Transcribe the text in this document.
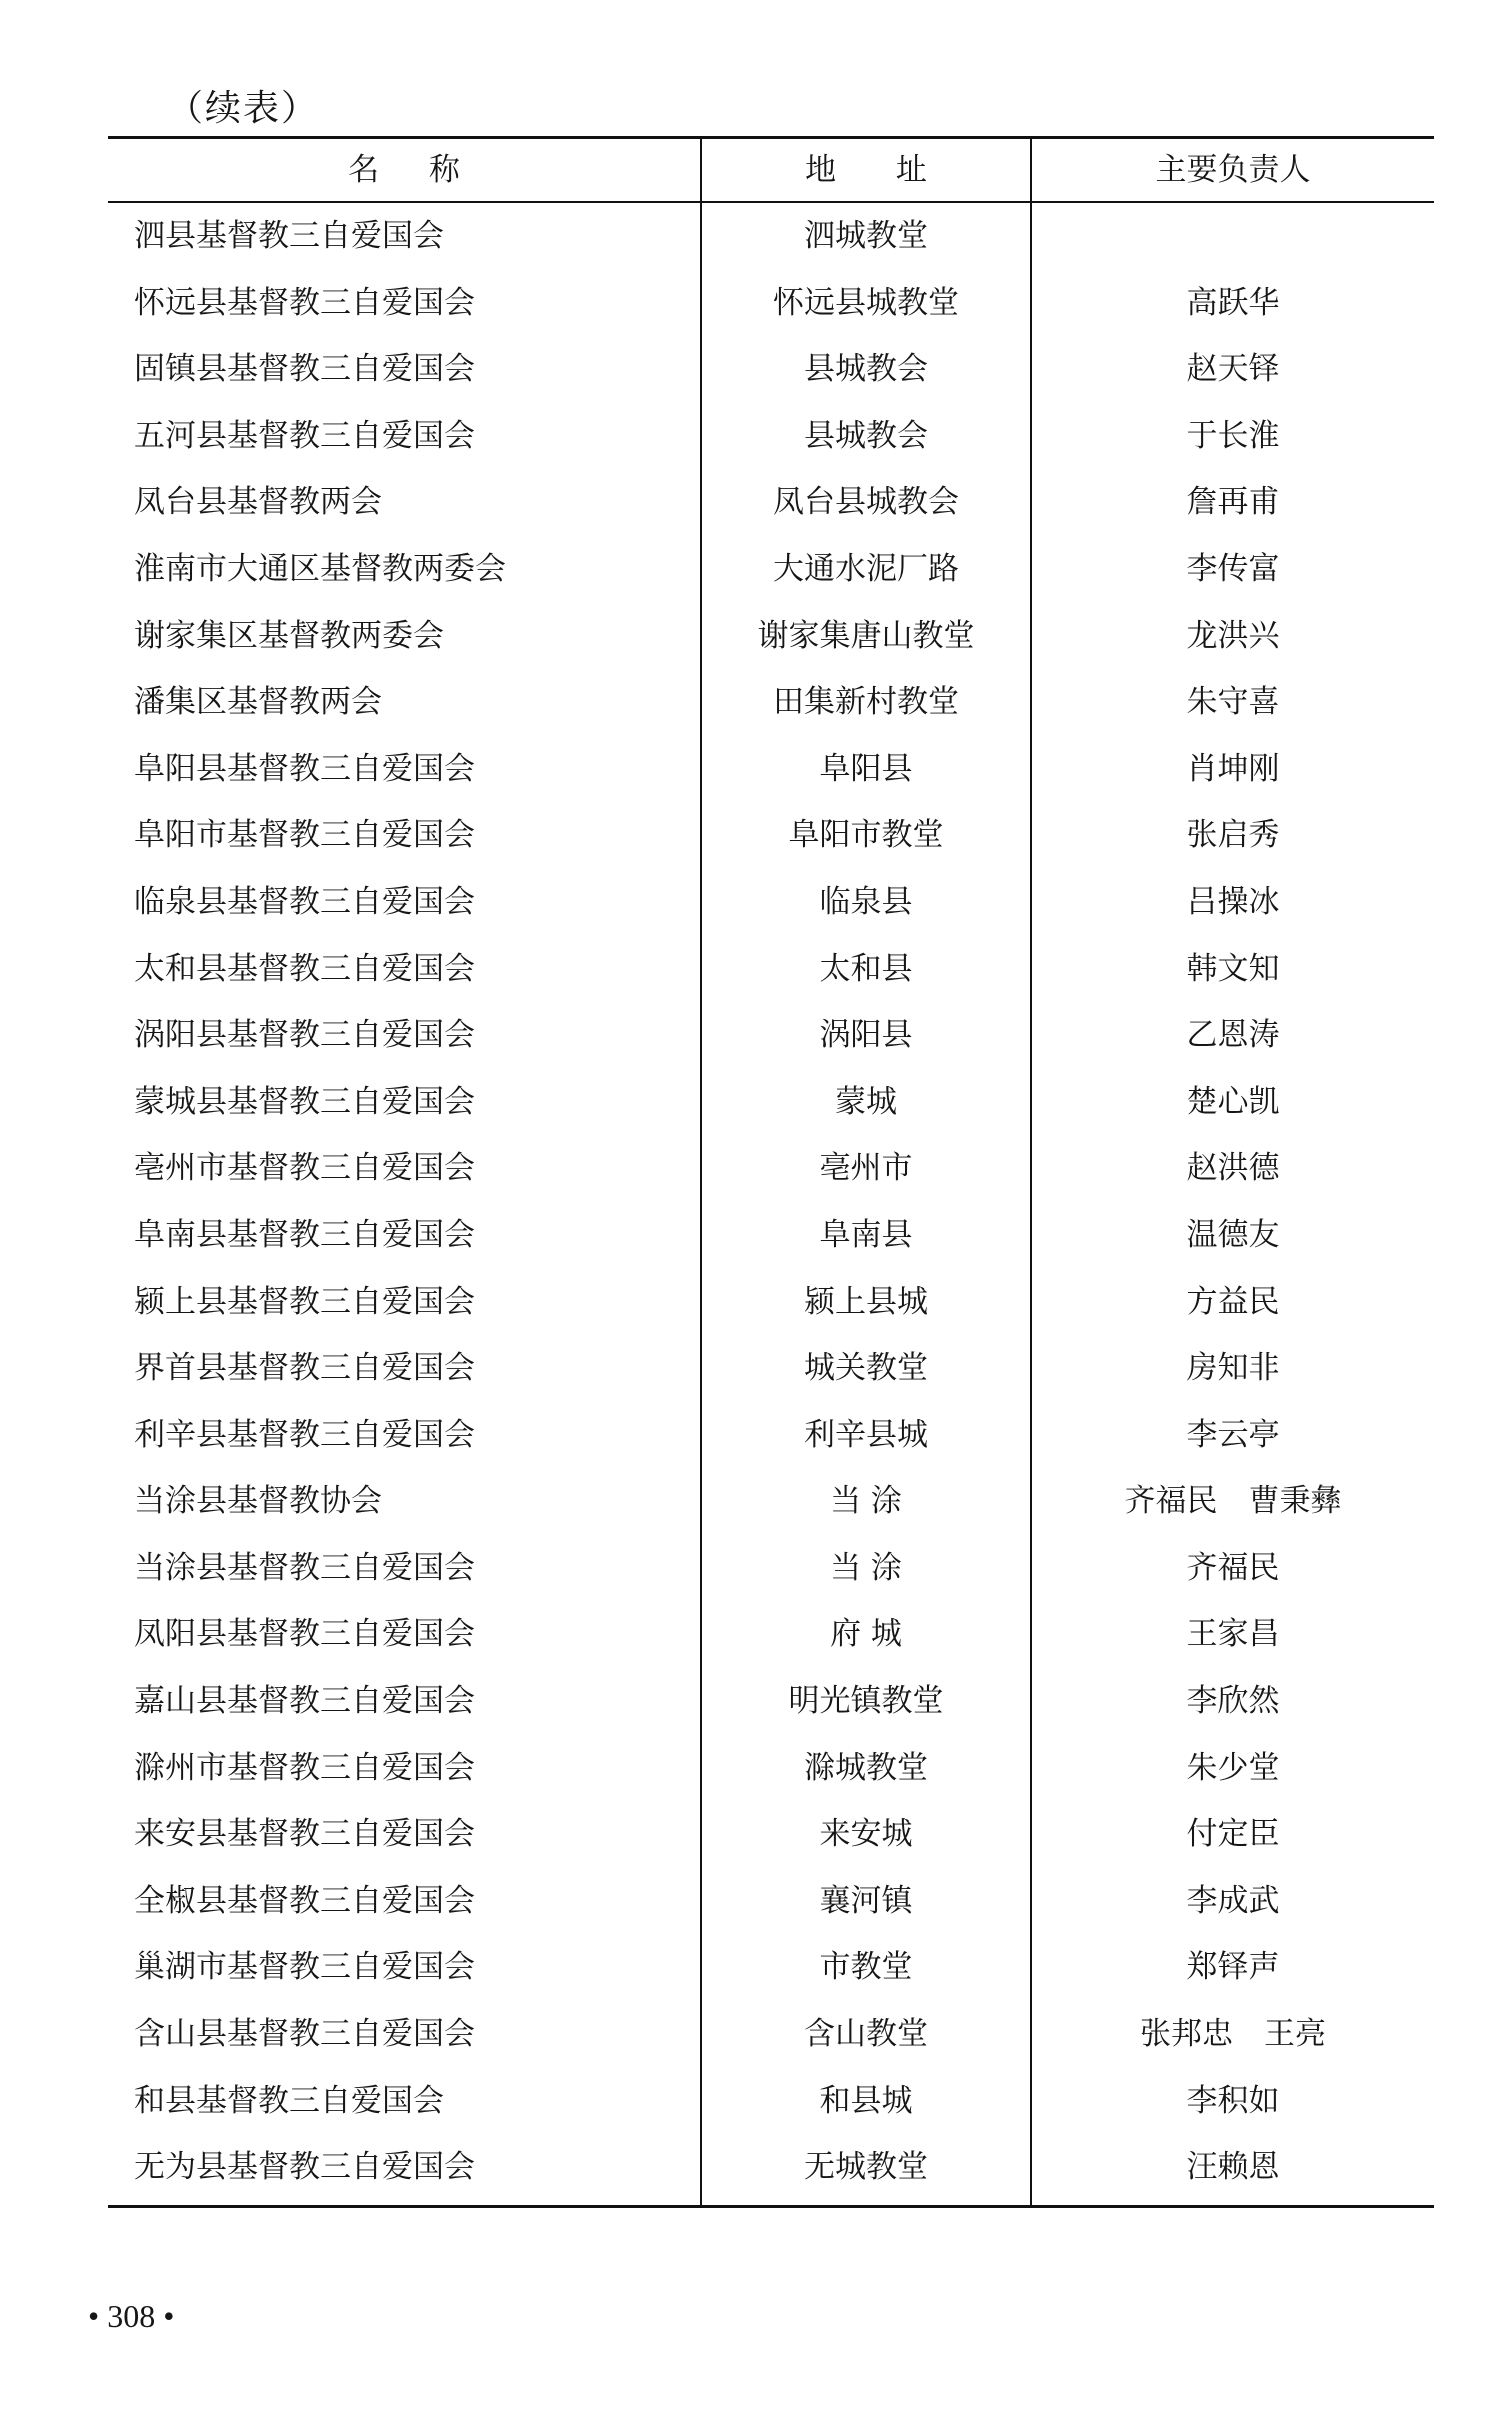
（续表）
名 称	地 址	主要负责人
泗县基督教三自爱国会	泗城教堂
怀远县基督教三自爱国会	怀远县城教堂	高跃华
固镇县基督教三自爱国会	县城教会	赵天铎
五河县基督教三自爱国会	县城教会	于长淮
凤台县基督教两会	凤台县城教会	詹再甫
淮南市大通区基督教两委会	大通水泥厂路	李传富
谢家集区基督教两委会	谢家集唐山教堂	龙洪兴
潘集区基督教两会	田集新村教堂	朱守喜
阜阳县基督教三自爱国会	阜阳县	肖坤刚
阜阳市基督教三自爱国会	阜阳市教堂	张启秀
临泉县基督教三自爱国会	临泉县	吕操冰
太和县基督教三自爱国会	太和县	韩文知
涡阳县基督教三自爱国会	涡阳县	乙恩涛
蒙城县基督教三自爱国会	蒙城	楚心凯
亳州市基督教三自爱国会	亳州市	赵洪德
阜南县基督教三自爱国会	阜南县	温德友
颍上县基督教三自爱国会	颍上县城	方益民
界首县基督教三自爱国会	城关教堂	房知非
利辛县基督教三自爱国会	利辛县城	李云亭
当涂县基督教协会	当 涂	齐福民　曹秉彝
当涂县基督教三自爱国会	当 涂	齐福民
凤阳县基督教三自爱国会	府 城	王家昌
嘉山县基督教三自爱国会	明光镇教堂	李欣然
滁州市基督教三自爱国会	滁城教堂	朱少堂
来安县基督教三自爱国会	来安城	付定臣
全椒县基督教三自爱国会	襄河镇	李成武
巢湖市基督教三自爱国会	市教堂	郑铎声
含山县基督教三自爱国会	含山教堂	张邦忠　王亮
和县基督教三自爱国会	和县城	李积如
无为县基督教三自爱国会	无城教堂	汪赖恩
• 308 •
